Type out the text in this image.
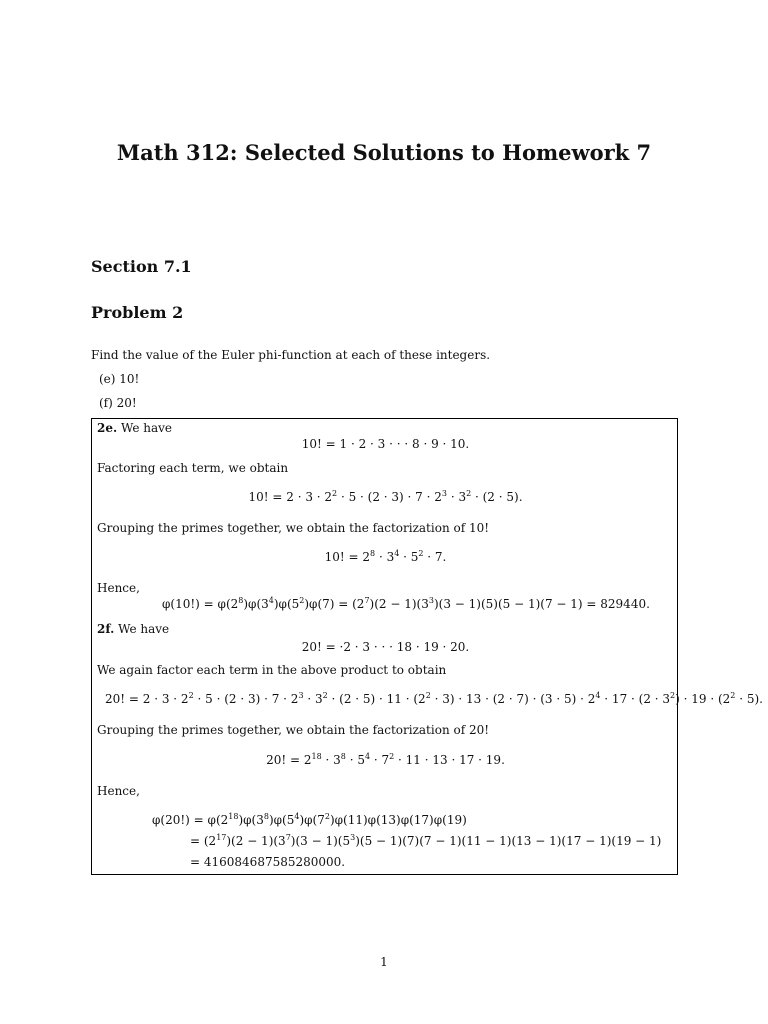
Math 312: Selected Solutions to Homework 7
Section 7.1
Problem 2
Find the value of the Euler phi-function at each of these integers.
(e) 10!
(f) 20!
2e. We have
10! = 1 · 2 · 3 · · · 8 · 9 · 10.
Factoring each term, we obtain
10! = $2 \cdot 3 \cdot 2^2 \cdot 5 \cdot (2 \cdot 3) \cdot 7 \cdot 2^3 \cdot 3^2 \cdot (2 \cdot 5)$.
Grouping the primes together, we obtain the factorization of 10!
10! = $2^8 \cdot 3^4 \cdot 5^2 \cdot 7$.
Hence,
$\varphi(10!) = \varphi(2^8)\varphi(3^4)\varphi(5^2)\varphi(7) = (2^7)(2 - 1)(3^3)(3 - 1)(5)(5 - 1)(7 - 1) = 829440$.
2f. We have
20! = ·2 · 3 · · · 18 · 19 · 20.
We again factor each term in the above product to obtain
20! = $2 \cdot 3 \cdot 2^2 \cdot 5 \cdot (2 \cdot 3) \cdot 7 \cdot 2^3 \cdot 3^2 \cdot (2 \cdot 5) \cdot 11 \cdot (2^2 \cdot 3) \cdot 13 \cdot (2 \cdot 7) \cdot (3 \cdot 5) \cdot 2^4 \cdot 17 \cdot (2 \cdot 3^2) \cdot 19 \cdot (2^2 \cdot 5)$.
Grouping the primes together, we obtain the factorization of 20!
20! = $2^{18} \cdot 3^8 \cdot 5^4 \cdot 7^2 \cdot 11 \cdot 13 \cdot 17 \cdot 19$.
Hence,
$\varphi(20!) = \varphi(2^{18})\varphi(3^8)\varphi(5^4)\varphi(7^2)\varphi(11)\varphi(13)\varphi(17)\varphi(19)$
= $(2^{17})(2 - 1)(3^7)(3 - 1)(5^3)(5 - 1)(7)(7 - 1)(11 - 1)(13 - 1)(17 - 1)(19 - 1)$
= 416084687585280000.
1
